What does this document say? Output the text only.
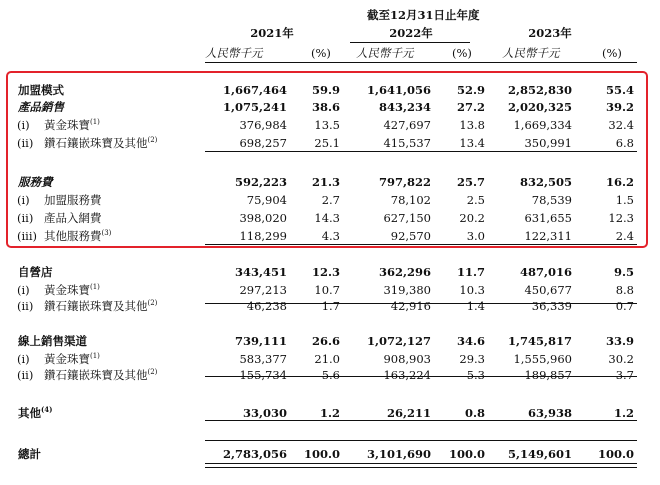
截至12月31日止年度
2021年	2022年	2023年
人民幣千元	(%) 人民幣千元	(%)	人民幣千元	(%)
加盟模式	1,667,464	59.9	1,641,056	52.9	2,852,830	55.4
產品銷售	1,075,241	38.6	843,234	27.2	2,020,325	39.2
(i) 黃金珠寶$^{(1)}$	376,984	13.5	427,697	13.8	1,669,334	32.4
(ii) 鑽石鑲嵌珠寶及其他$^{(2)}$	698,257	25.1	415,537	13.4	350,991	6.8
服務費	592,223	21.3	797,822	25.7	832,505	16.2
(i) 加盟服務費	75,904	2.7	78,102	2.5	78,539	1.5
(ii) 產品入網費	398,020	14.3	627,150	20.2	631,655	12.3
(iii) 其他服務費$^{(3)}$	118,299	4.3	92,570	3.0	122,311	2.4
自營店	343,451	12.3	362,296	11.7	487,016	9.5
(i) 黃金珠寶$^{(1)}$	297,213	10.7	319,380	10.3	450,677	8.8
(ii) 鑽石鑲嵌珠寶及其他$^{(2)}$	46,238	1.7	42,916	1.4	36,339	0.7
線上銷售渠道	739,111	26.6	1,072,127	34.6	1,745,817	33.9
(i) 黃金珠寶$^{(1)}$	583,377	21.0	908,903	29.3	1,555,960	30.2
(ii) 鑽石鑲嵌珠寶及其他$^{(2)}$	155,734	5.6	163,224	5.3	189,857	3.7
其他$^{(4)}$	33,030	1.2	26,211	0.8	63,938	1.2
總計	2,783,056	100.0	3,101,690	100.0	5,149,601	100.0
